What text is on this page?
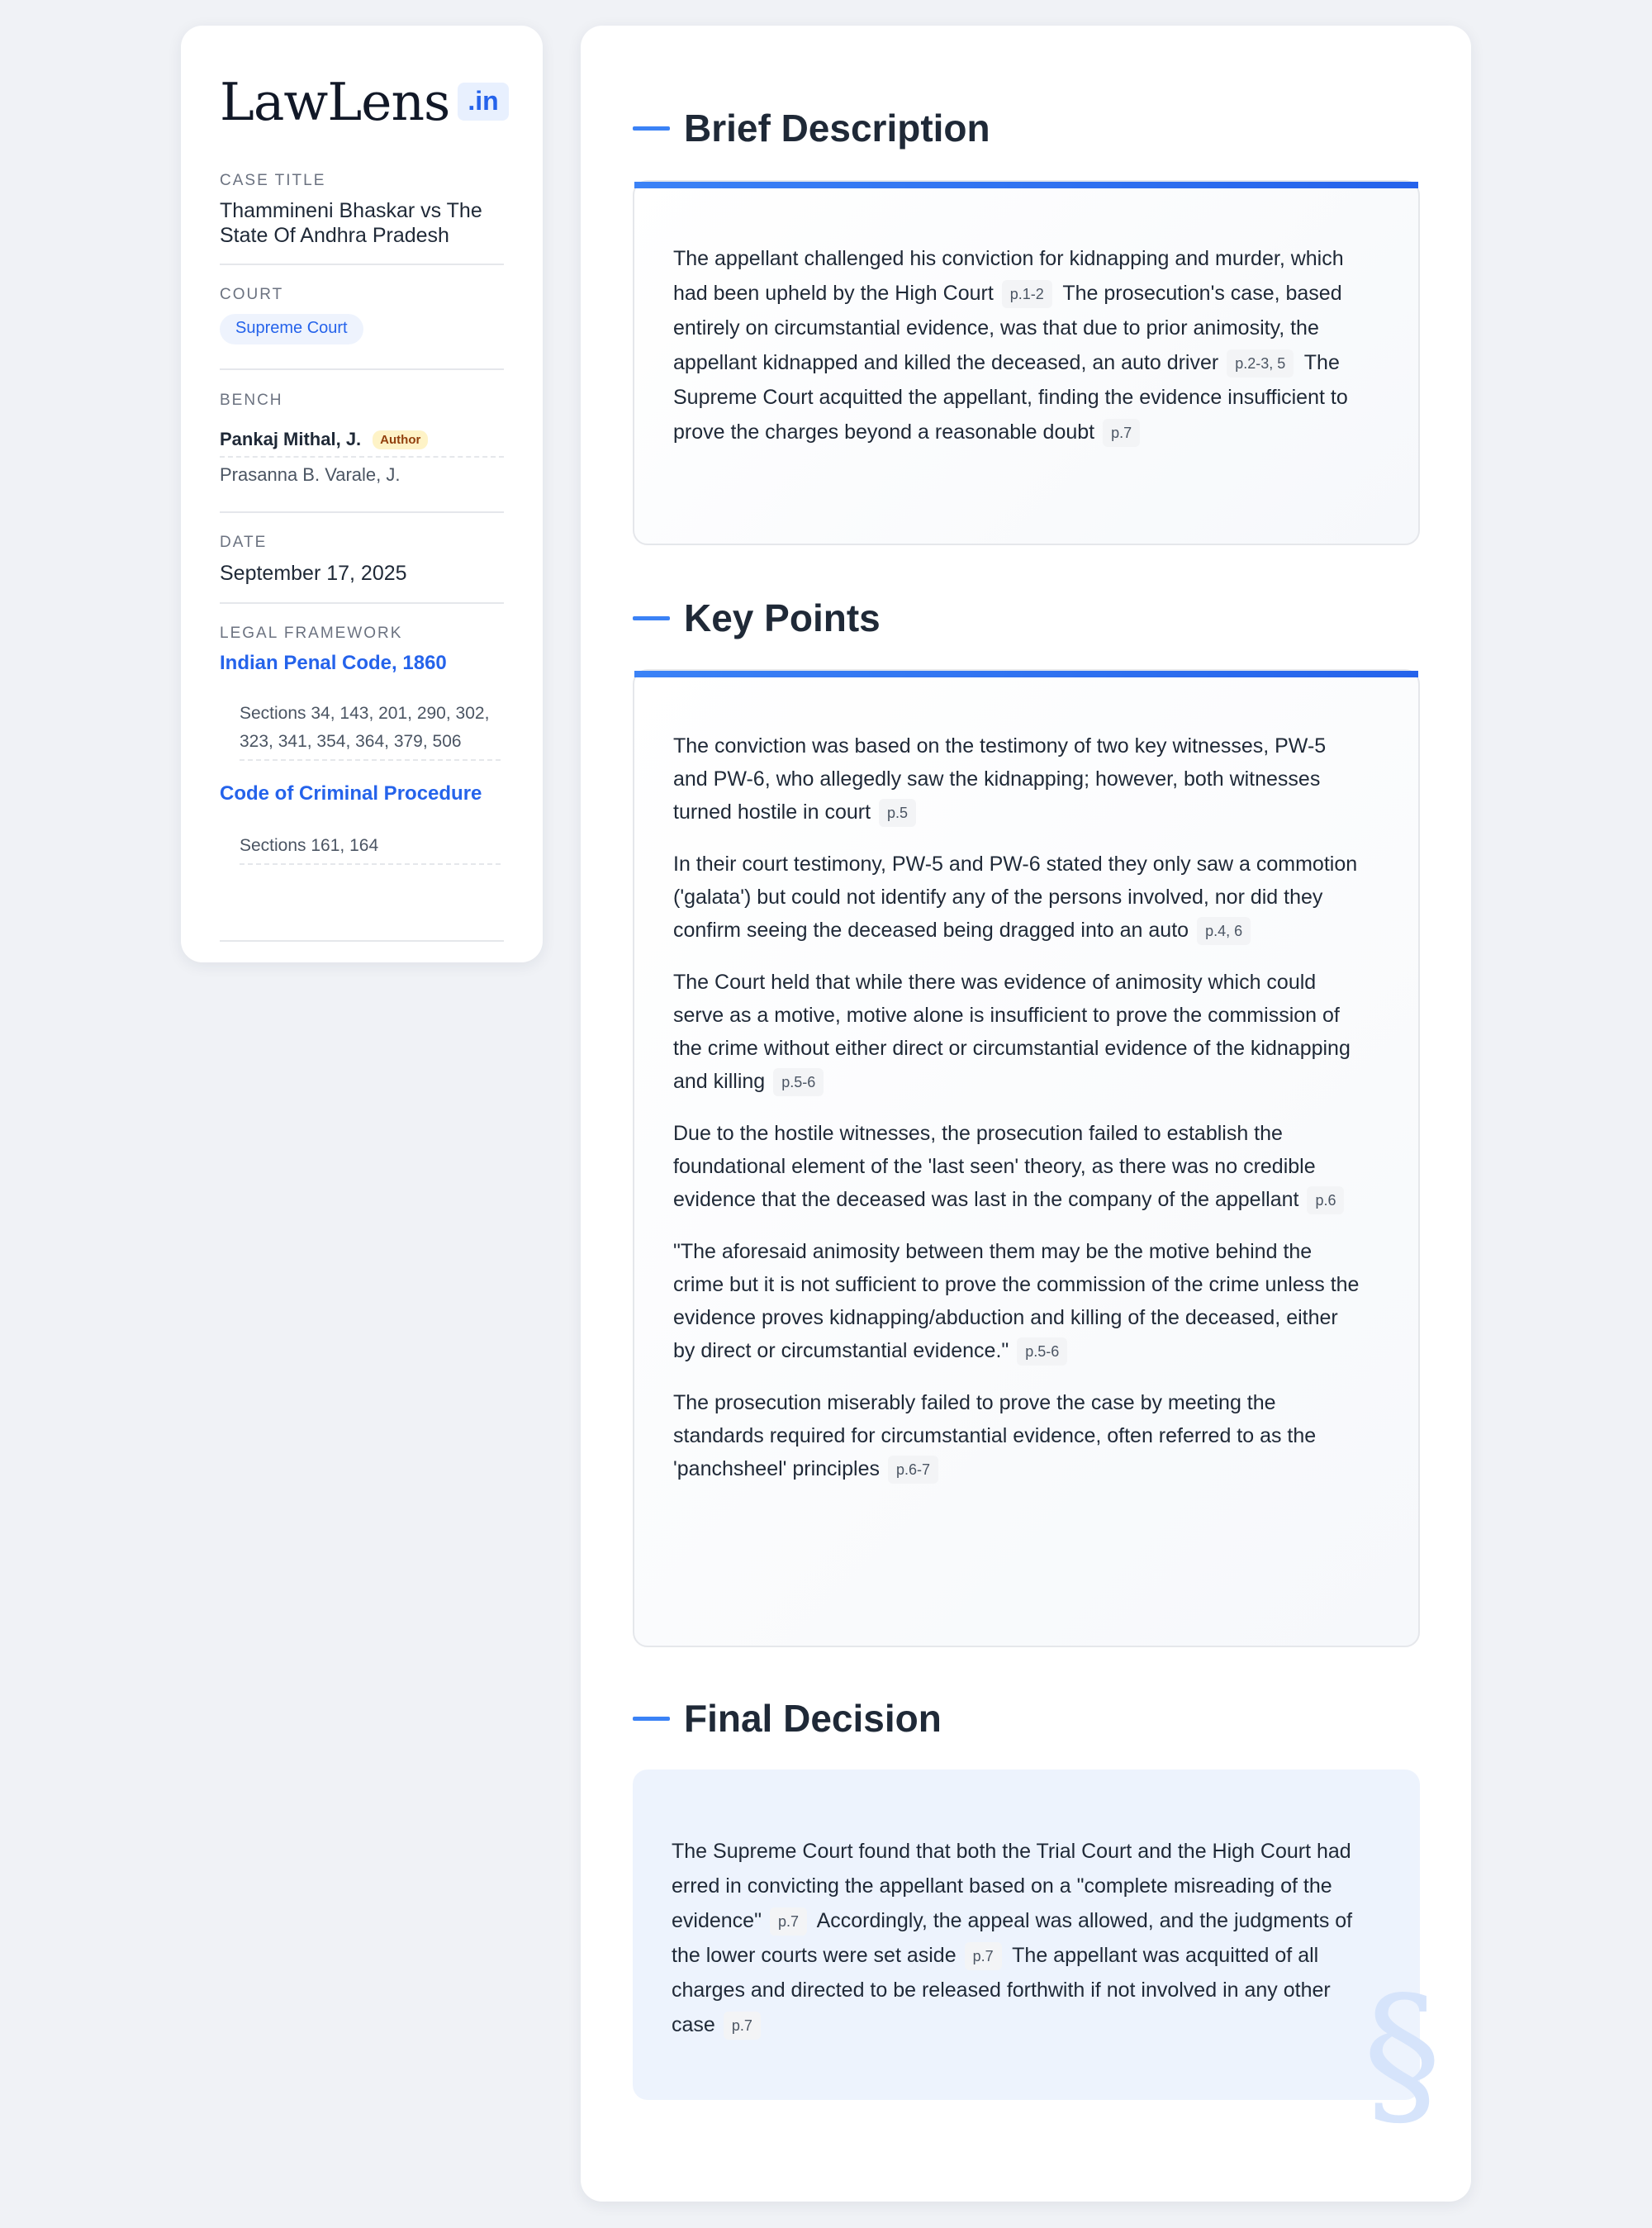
LawLens .in
CASE TITLE
Thammineni Bhaskar vs The State Of Andhra Pradesh
COURT
Supreme Court
BENCH
Pankaj Mithal, J.	Author
Prasanna B. Varale, J.
DATE
September 17, 2025
LEGAL FRAMEWORK
Indian Penal Code, 1860
Sections 34, 143, 201, 290, 302, 323, 341, 354, 364, 379, 506
Code of Criminal Procedure
Sections 161, 164
Brief Description
The appellant challenged his conviction for kidnapping and murder, which had been upheld by the High Court p.1-2 The prosecution's case, based entirely on circumstantial evidence, was that due to prior animosity, the appellant kidnapped and killed the deceased, an auto driver p.2-3, 5 The Supreme Court acquitted the appellant, finding the evidence insufficient to prove the charges beyond a reasonable doubt p.7
Key Points
The conviction was based on the testimony of two key witnesses, PW-5 and PW-6, who allegedly saw the kidnapping; however, both witnesses turned hostile in court p.5
In their court testimony, PW-5 and PW-6 stated they only saw a commotion ('galata') but could not identify any of the persons involved, nor did they confirm seeing the deceased being dragged into an auto p.4, 6
The Court held that while there was evidence of animosity which could serve as a motive, motive alone is insufficient to prove the commission of the crime without either direct or circumstantial evidence of the kidnapping and killing p.5-6
Due to the hostile witnesses, the prosecution failed to establish the foundational element of the 'last seen' theory, as there was no credible evidence that the deceased was last in the company of the appellant p.6
"The aforesaid animosity between them may be the motive behind the crime but it is not sufficient to prove the commission of the crime unless the evidence proves kidnapping/abduction and killing of the deceased, either by direct or circumstantial evidence." p.5-6
The prosecution miserably failed to prove the case by meeting the standards required for circumstantial evidence, often referred to as the 'panchsheel' principles p.6-7
Final Decision
The Supreme Court found that both the Trial Court and the High Court had erred in convicting the appellant based on a "complete misreading of the evidence" p.7 Accordingly, the appeal was allowed, and the judgments of the lower courts were set aside p.7 The appellant was acquitted of all charges and directed to be released forthwith if not involved in any other case p.7	§
